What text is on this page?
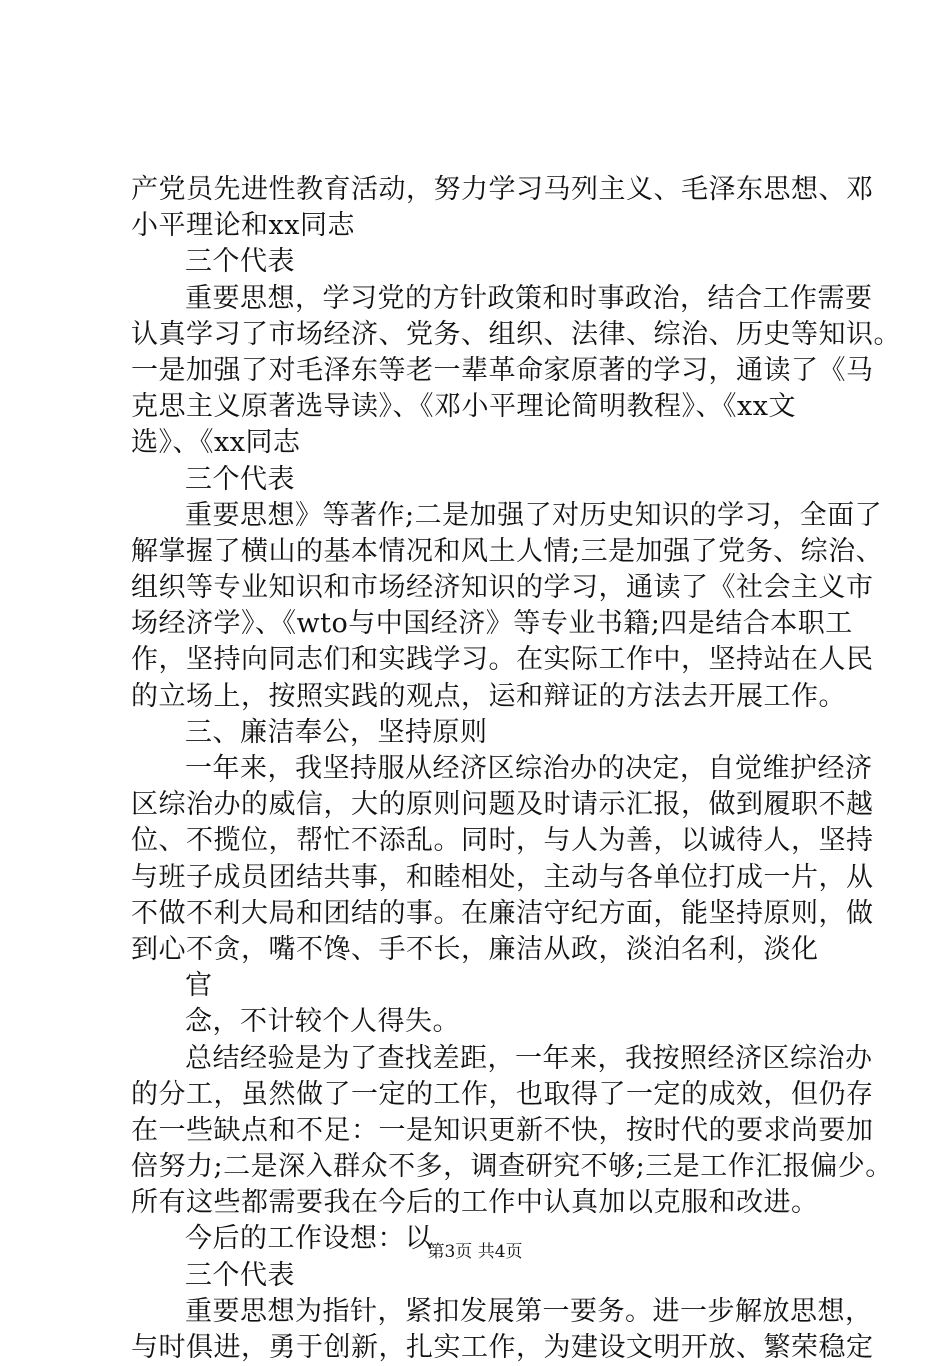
产党员先进性教育活动，努力学习马列主义、毛泽东思想、邓
小平理论和xx同志
三个代表
重要思想，学习党的方针政策和时事政治，结合工作需要
认真学习了市场经济、党务、组织、法律、综治、历史等知识。
一是加强了对毛泽东等老一辈革命家原著的学习，通读了《马
克思主义原著选导读》、《邓小平理论简明教程》、《xx文
选》、《xx同志
三个代表
重要思想》等著作;二是加强了对历史知识的学习，全面了
解掌握了横山的基本情况和风土人情;三是加强了党务、综治、
组织等专业知识和市场经济知识的学习，通读了《社会主义市
场经济学》、《wto与中国经济》等专业书籍;四是结合本职工
作，坚持向同志们和实践学习。在实际工作中，坚持站在人民
的立场上，按照实践的观点，运和辩证的方法去开展工作。
三、廉洁奉公，坚持原则
一年来，我坚持服从经济区综治办的决定，自觉维护经济
区综治办的威信，大的原则问题及时请示汇报，做到履职不越
位、不揽位，帮忙不添乱。同时，与人为善，以诚待人，坚持
与班子成员团结共事，和睦相处，主动与各单位打成一片，从
不做不利大局和团结的事。在廉洁守纪方面，能坚持原则，做
到心不贪，嘴不馋、手不长，廉洁从政，淡泊名利，淡化
官
念，不计较个人得失。
总结经验是为了查找差距，一年来，我按照经济区综治办
的分工，虽然做了一定的工作，也取得了一定的成效，但仍存
在一些缺点和不足：一是知识更新不快，按时代的要求尚要加
倍努力;二是深入群众不多，调查研究不够;三是工作汇报偏少。
所有这些都需要我在今后的工作中认真加以克服和改进。
今后的工作设想：以
三个代表
重要思想为指针，紧扣发展第一要务。进一步解放思想，
与时俱进，勇于创新，扎实工作，为建设文明开放、繁荣稳定
第3页 共4页
